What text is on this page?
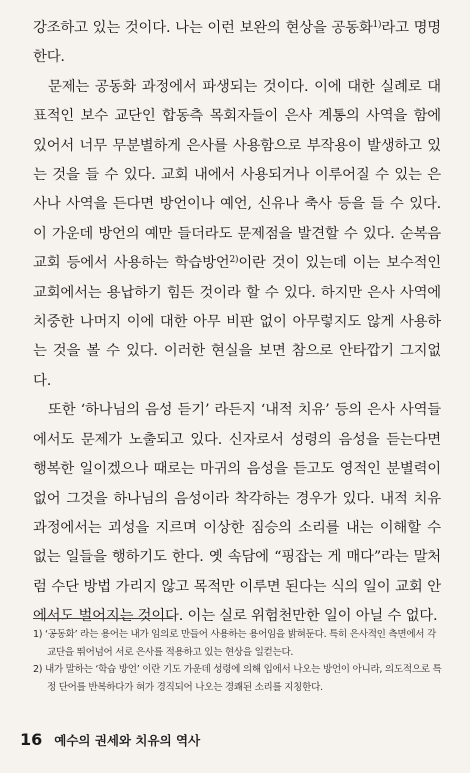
강조하고 있는 것이다. 나는 이런 보완의 현상을 공동화$^{1)}$라고 명명한다.

문제는 공동화 과정에서 파생되는 것이다. 이에 대한 실례로 대표적인 보수 교단인 합동측 목회자들이 은사 계통의 사역을 함에 있어서 너무 무분별하게 은사를 사용함으로 부작용이 발생하고 있는 것을 들 수 있다. 교회 내에서 사용되거나 이루어질 수 있는 은사나 사역을 든다면 방언이나 예언, 신유나 축사 등을 들 수 있다. 이 가운데 방언의 예만 들더라도 문제점을 발견할 수 있다. 순복음 교회 등에서 사용하는 학습방언$^{2)}$이란 것이 있는데 이는 보수적인 교회에서는 용납하기 힘든 것이라 할 수 있다. 하지만 은사 사역에 치중한 나머지 이에 대한 아무 비판 없이 아무렇지도 않게 사용하는 것을 볼 수 있다. 이러한 현실을 보면 참으로 안타깝기 그지없다.

또한 ‘하나님의 음성 듣기’ 라든지 ‘내적 치유’ 등의 은사 사역들에서도 문제가 노출되고 있다. 신자로서 성령의 음성을 듣는다면 행복한 일이겠으나 때로는 마귀의 음성을 듣고도 영적인 분별력이 없어 그것을 하나님의 음성이라 착각하는 경우가 있다. 내적 치유 과정에서는 괴성을 지르며 이상한 짐승의 소리를 내는 이해할 수 없는 일들을 행하기도 한다. 옛 속담에 “핑잡는 게 매다”라는 말처럼 수단 방법 가리지 않고 목적만 이루면 된다는 식의 일이 교회 안에서도 벌어지는 것이다. 이는 실로 위험천만한 일이 아닐 수 없다.

1) ‘공동화’ 라는 용어는 내가 임의로 만들어 사용하는 용어임을 밝혀둔다. 특히 은사적인 측면에서 각 교단을 뛰어넘어 서로 은사를 적용하고 있는 현상을 일컫는다.

2) 내가 말하는 ‘학습 방언’ 이란 기도 가운데 성령에 의해 입에서 나오는 방언이 아니라, 의도적으로 특정 단어를 반복하다가 혀가 경직되어 나오는 경쾌된 소리를 지칭한다.

16 예수의 권세와 치유의 역사
